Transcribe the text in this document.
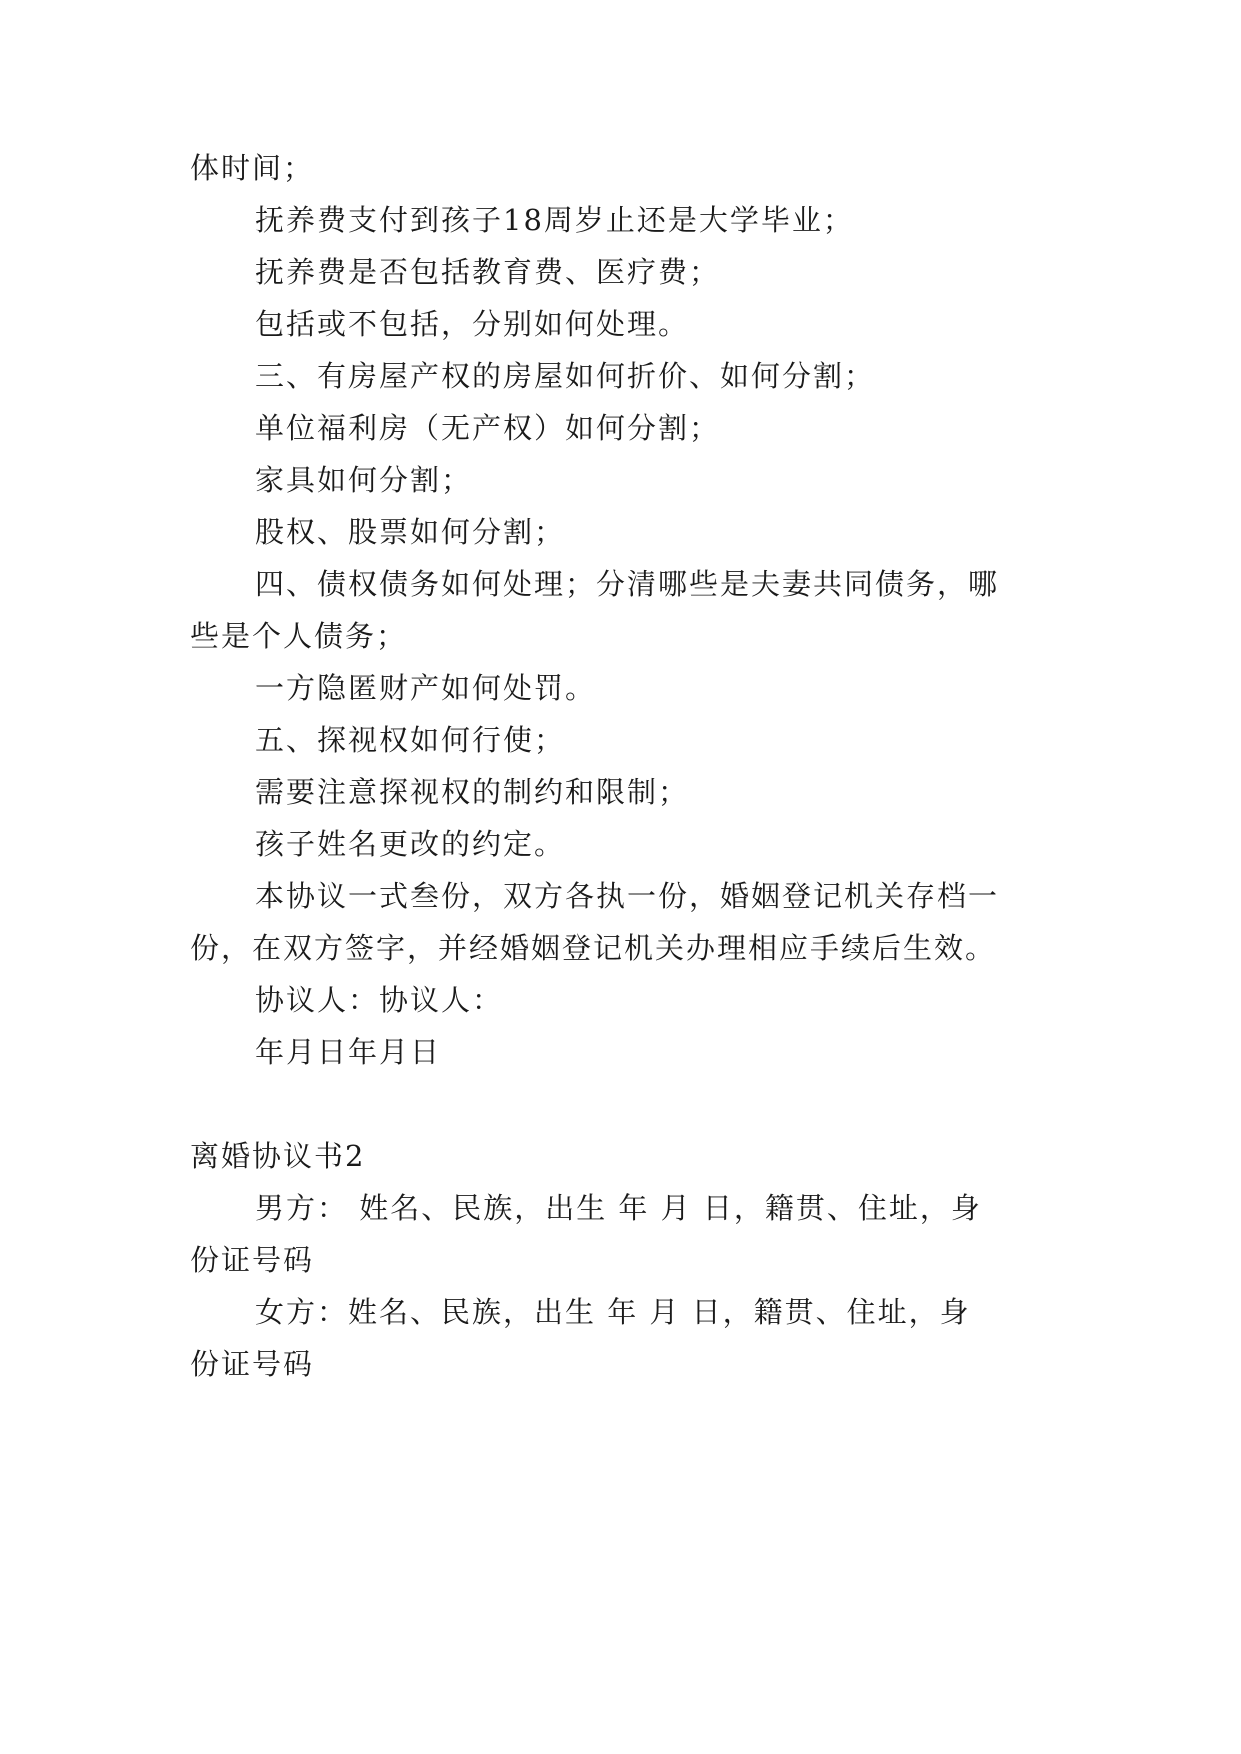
体时间；
抚养费支付到孩子18周岁止还是大学毕业；
抚养费是否包括教育费、医疗费；
包括或不包括，分别如何处理。
三、有房屋产权的房屋如何折价、如何分割；
单位福利房（无产权）如何分割；
家具如何分割；
股权、股票如何分割；
四、债权债务如何处理；分清哪些是夫妻共同债务，哪
些是个人债务；
一方隐匿财产如何处罚。
五、探视权如何行使；
需要注意探视权的制约和限制；
孩子姓名更改的约定。
本协议一式叁份，双方各执一份，婚姻登记机关存档一
份，在双方签字，并经婚姻登记机关办理相应手续后生效。
协议人：协议人：
年月日年月日
离婚协议书2
男方： 姓名、民族，出生 年 月 日，籍贯、住址，身
份证号码
女方：姓名、民族，出生 年 月 日，籍贯、住址，身
份证号码
